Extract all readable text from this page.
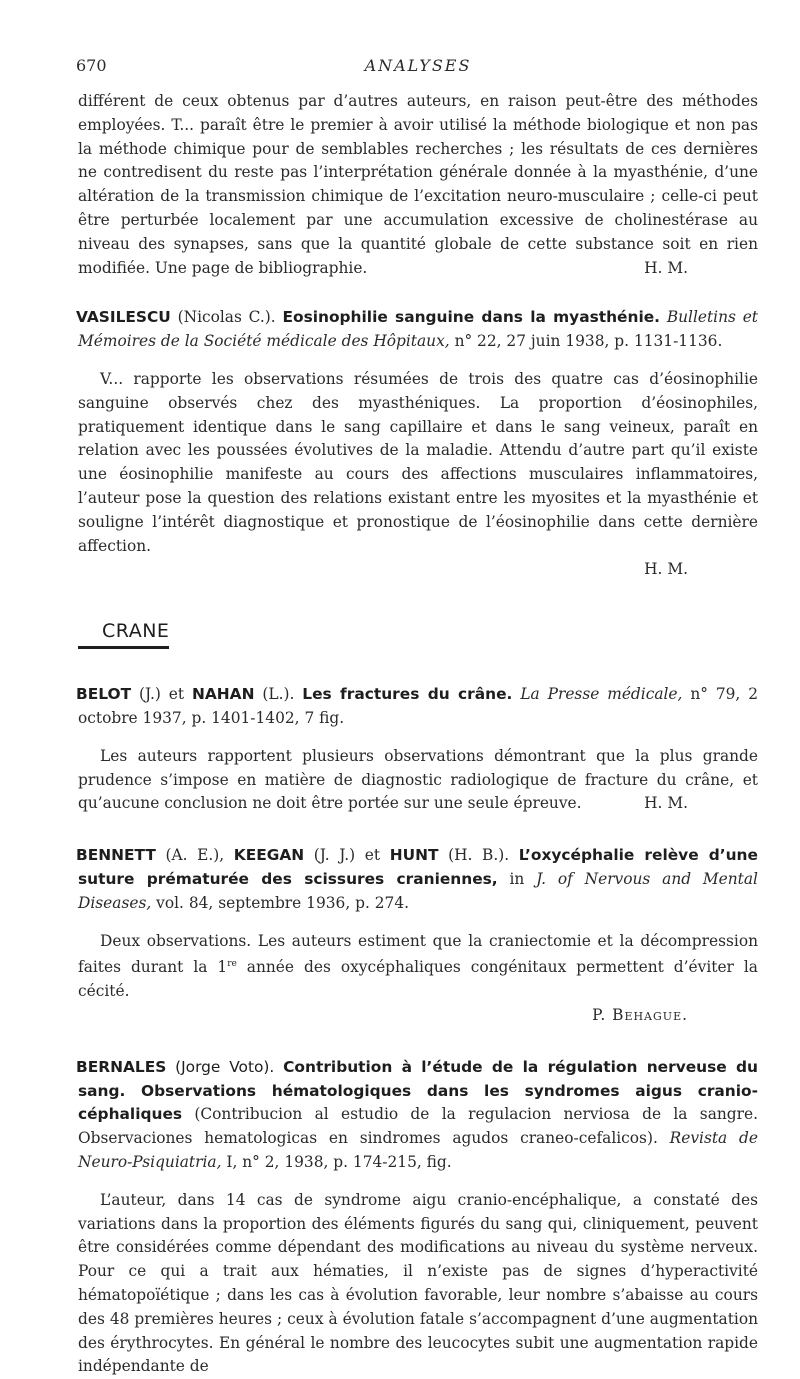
670	ANALYSES

différent de ceux obtenus par d’autres auteurs, en raison peut-être des méthodes employées. T... paraît être le premier à avoir utilisé la méthode biologique et non pas la méthode chimique pour de semblables recherches ; les résultats de ces dernières ne contredisent du reste pas l’interprétation générale donnée à la myasthénie, d’une altération de la transmission chimique de l’excitation neuro-musculaire ; celle-ci peut être perturbée localement par une accumulation excessive de cholinestérase au niveau des synapses, sans que la quantité globale de cette substance soit en rien modifiée. Une page de bibliographie.	H. M.

VASILESCU (Nicolas C.). Eosinophilie sanguine dans la myasthénie. Bulletins et Mémoires de la Société médicale des Hôpitaux, n° 22, 27 juin 1938, p. 1131-1136.

V... rapporte les observations résumées de trois des quatre cas d’éosinophilie sanguine observés chez des myasthéniques. La proportion d’éosinophiles, pratiquement identique dans le sang capillaire et dans le sang veineux, paraît en relation avec les poussées évolutives de la maladie. Attendu d’autre part qu’il existe une éosinophilie manifeste au cours des affections musculaires inflammatoires, l’auteur pose la question des relations existant entre les myosites et la myasthénie et souligne l’intérêt diagnostique et pronostique de l’éosinophilie dans cette dernière affection.

H. M.
CRANE

BELOT (J.) et NAHAN (L.). Les fractures du crâne. La Presse médicale, n° 79, 2 octobre 1937, p. 1401-1402, 7 fig.

Les auteurs rapportent plusieurs observations démontrant que la plus grande prudence s’impose en matière de diagnostic radiologique de fracture du crâne, et qu’aucune conclusion ne doit être portée sur une seule épreuve.	H. M.

BENNETT (A. E.), KEEGAN (J. J.) et HUNT (H. B.). L’oxycéphalie relève d’une suture prématurée des scissures craniennes, in J. of Nervous and Mental Diseases, vol. 84, septembre 1936, p. 274.

Deux observations. Les auteurs estiment que la craniectomie et la décompression faites durant la 1re année des oxycéphaliques congénitaux permettent d’éviter la cécité.

P. Behague.

BERNALES (Jorge Voto). Contribution à l’étude de la régulation nerveuse du sang. Observations hématologiques dans les syndromes aigus cranio-céphaliques (Contribucion al estudio de la regulacion nerviosa de la sangre. Observaciones hematologicas en sindromes agudos craneo-cefalicos). Revista de Neuro-Psiquiatria, I, n° 2, 1938, p. 174-215, fig.

L’auteur, dans 14 cas de syndrome aigu cranio-encéphalique, a constaté des variations dans la proportion des éléments figurés du sang qui, cliniquement, peuvent être considérées comme dépendant des modifications au niveau du système nerveux. Pour ce qui a trait aux hématies, il n’existe pas de signes d’hyperactivité hématopoïétique ; dans les cas à évolution favorable, leur nombre s’abaisse au cours des 48 premières heures ; ceux à évolution fatale s’accompagnent d’une augmentation des érythrocytes. En général le nombre des leucocytes subit une augmentation rapide indépendante de
